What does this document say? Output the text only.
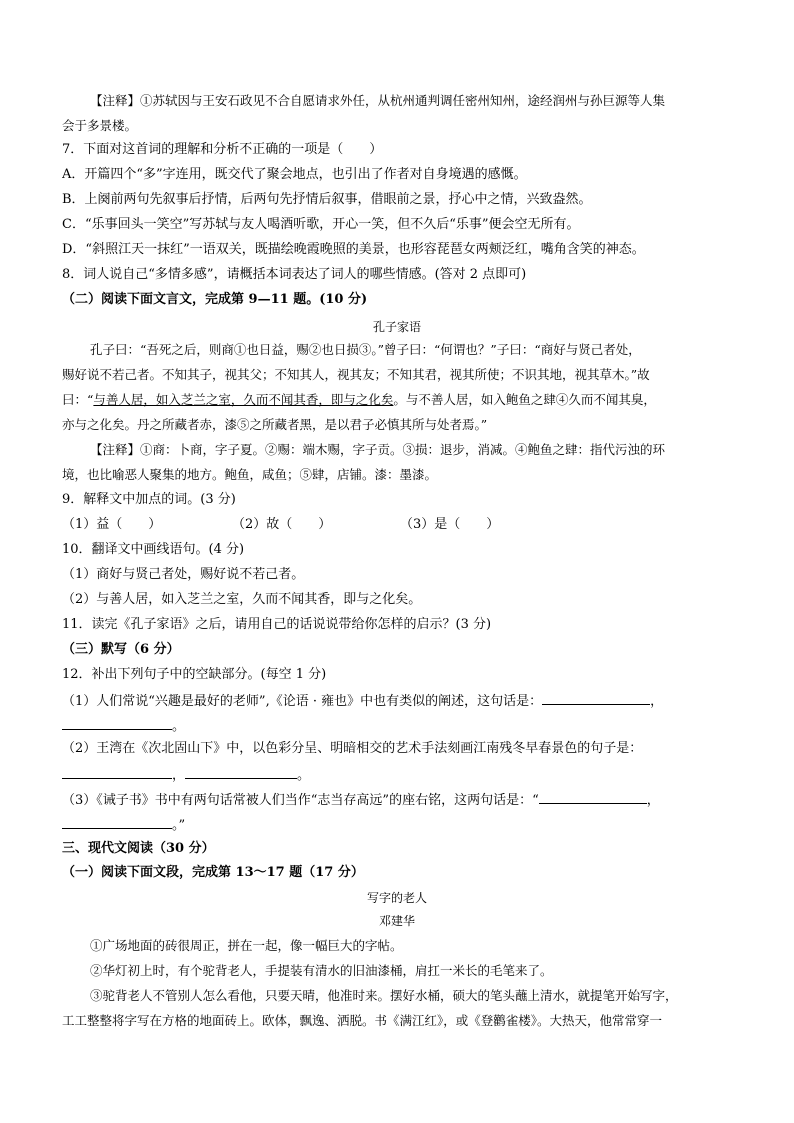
【注释】①苏轼因与王安石政见不合自愿请求外任，从杭州通判调任密州知州，途经润州与孙巨源等人集
会于多景楼。
7．下面对这首词的理解和分析不正确的一项是（　　）
A．开篇四个“多”字连用，既交代了聚会地点，也引出了作者对自身境遇的感慨。
B．上阕前两句先叙事后抒情，后两句先抒情后叙事，借眼前之景，抒心中之情，兴致盎然。
C．“乐事回头一笑空”写苏轼与友人喝酒听歌，开心一笑，但不久后“乐事”便会空无所有。
D．“斜照江天一抹红”一语双关，既描绘晚霞晚照的美景，也形容琵琶女两颊泛红，嘴角含笑的神态。
8．词人说自己“多情多感”，请概括本词表达了词人的哪些情感。(答对 2 点即可)
（二）阅读下面文言文，完成第 9—11 题。(10 分)
孔子家语
孔子曰：“吾死之后，则商①也日益，赐②也日损③。”曾子曰：“何谓也？”子曰：“商好与贤己者处，
赐好说不若己者。不知其子，视其父；不知其人，视其友；不知其君，视其所使；不识其地，视其草木。”故
曰：“与善人居，如入芝兰之室，久而不闻其香，即与之化矣。与不善人居，如入鲍鱼之肆④久而不闻其臭，
亦与之化矣。丹之所藏者赤，漆⑤之所藏者黑，是以君子必慎其所与处者焉。”
【注释】①商：卜商，字子夏。②赐：端木赐，字子贡。③损：退步，消减。④鲍鱼之肆：指代污浊的环
境，也比喻恶人聚集的地方。鲍鱼，咸鱼；⑤肆，店铺。漆：墨漆。
9．解释文中加点的词。(3 分)
（1）益（　　）	（2）故（　　）	（3）是（　　）
10．翻译文中画线语句。(4 分)
（1）商好与贤己者处，赐好说不若己者。
（2）与善人居，如入芝兰之室，久而不闻其香，即与之化矣。
11．读完《孔子家语》之后，请用自己的话说说带给你怎样的启示？(3 分)
（三）默写（6 分）
12．补出下列句子中的空缺部分。(每空 1 分)
（1）人们常说“兴趣是最好的老师”,《论语 · 雍也》中也有类似的阐述，这句话是：	，
。
（2）王湾在《次北固山下》中，以色彩分呈、明暗相交的艺术手法刻画江南残冬早春景色的句子是：
，	。
（3）《诫子书》书中有两句话常被人们当作“志当存高远”的座右铭，这两句话是：“	，
。”
三、现代文阅读（30 分）
（一）阅读下面文段，完成第 13～17 题（17 分）
写字的老人
邓建华
①广场地面的砖很周正，拼在一起，像一幅巨大的字帖。
②华灯初上时，有个驼背老人，手提装有清水的旧油漆桶，肩扛一米长的毛笔来了。
③驼背老人不管别人怎么看他，只要天晴，他准时来。摆好水桶，硕大的笔头蘸上清水，就提笔开始写字，
工工整整将字写在方格的地面砖上。欧体，飘逸、洒脱。书《满江红》，或《登鹳雀楼》。大热天，他常常穿一
